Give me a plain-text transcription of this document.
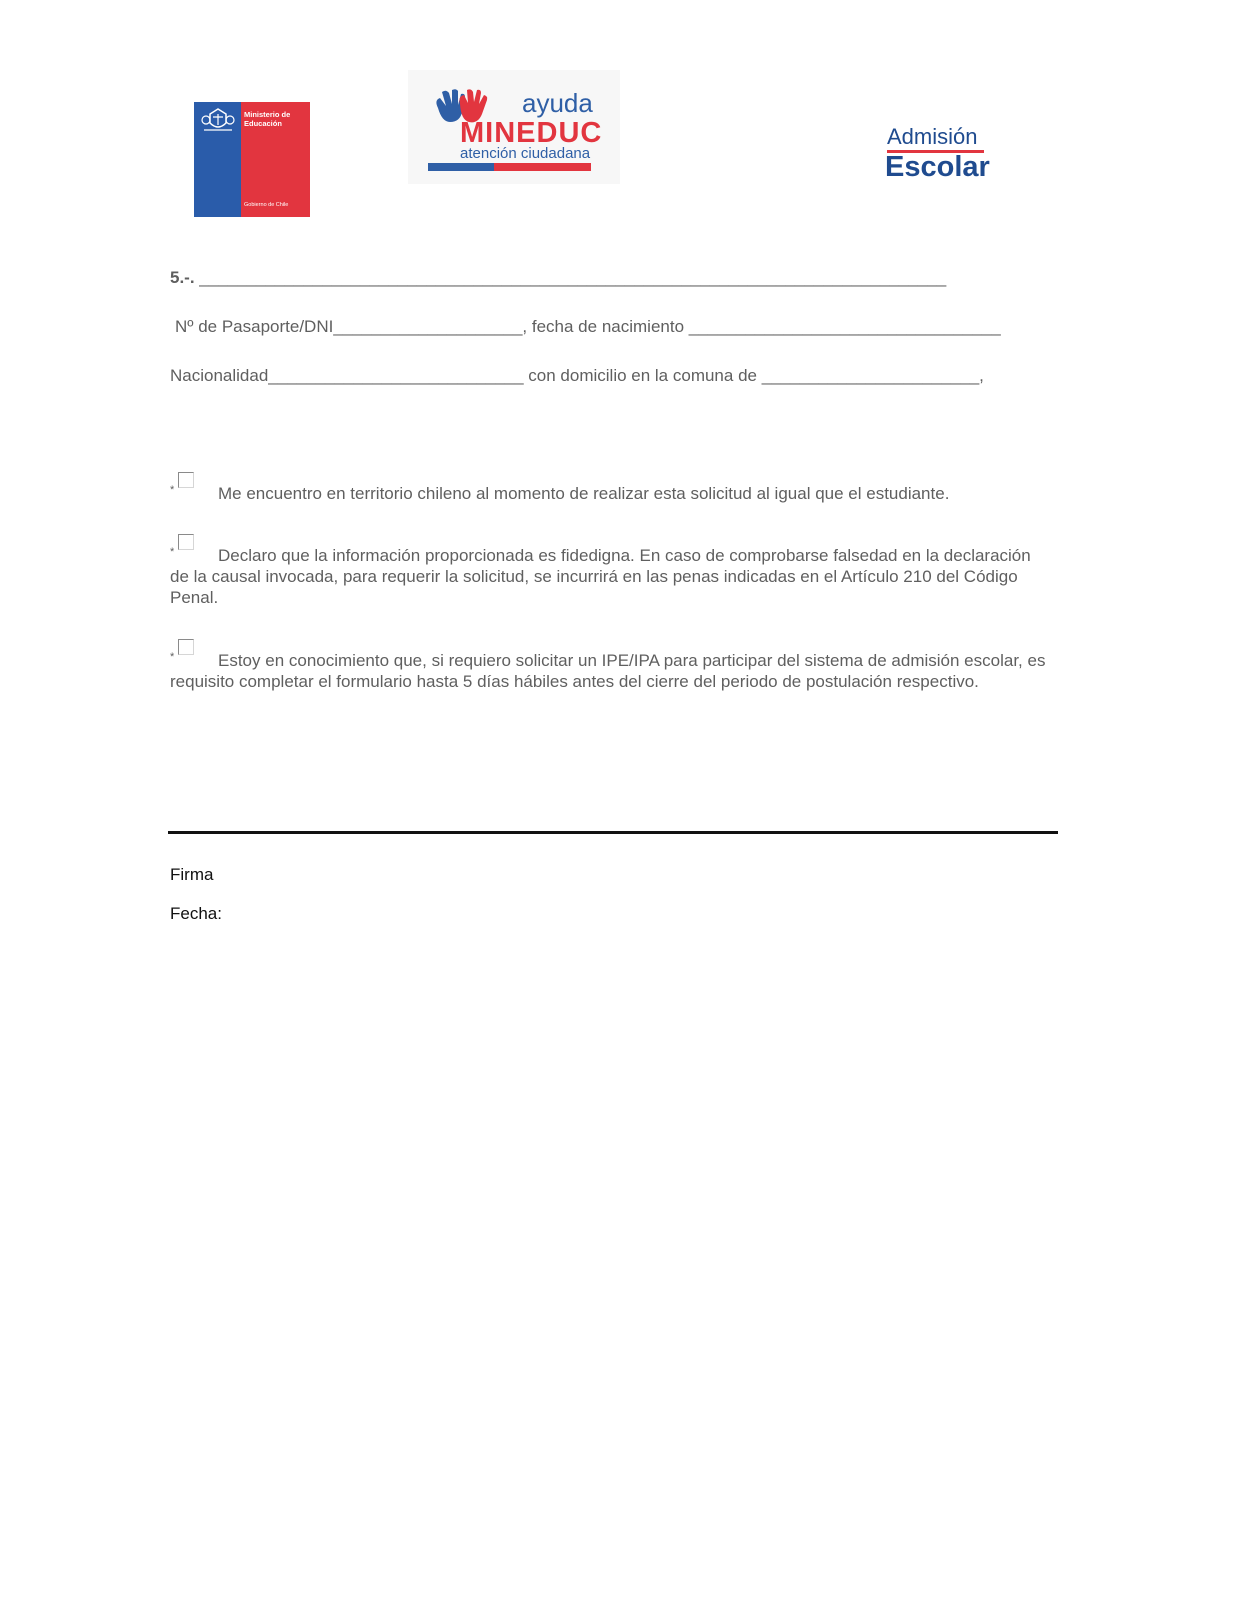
Ministerio de Educación
Gobierno de Chile
ayuda
MINEDUC
atención ciudadana
Admisión
Escolar
5.-. _______________________________________________________________________________
Nº de Pasaporte/DNI____________________, fecha de nacimiento _________________________________
Nacionalidad___________________________ con domicilio en la comuna de _______________________,
*	Me encuentro en territorio chileno al momento de realizar esta solicitud al igual que el estudiante.
*	Declaro que la información proporcionada es fidedigna. En caso de comprobarse falsedad en la declaración de la causal invocada, para requerir la solicitud, se incurrirá en las penas indicadas en el Artículo 210 del Código Penal.
*	Estoy en conocimiento que, si requiero solicitar un IPE/IPA para participar del sistema de admisión escolar, es requisito completar el formulario hasta 5 días hábiles antes del cierre del periodo de postulación respectivo.
Firma
Fecha:
